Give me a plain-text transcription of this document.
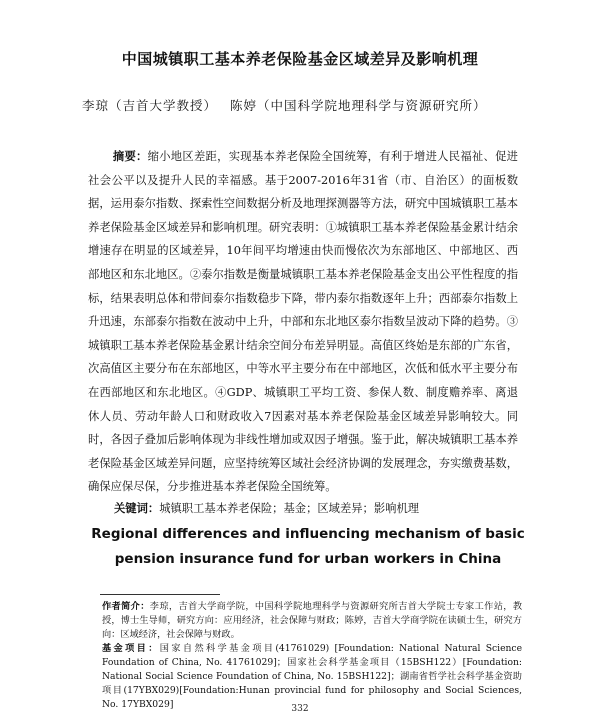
中国城镇职工基本养老保险基金区域差异及影响机理
李琼（吉首大学教授） 陈婷（中国科学院地理科学与资源研究所）
摘要：缩小地区差距，实现基本养老保险全国统筹，有利于增进人民福祉、促进社会公平以及提升人民的幸福感。基于2007-2016年31省（市、自治区）的面板数据，运用泰尔指数、探索性空间数据分析及地理探测器等方法，研究中国城镇职工基本养老保险基金区域差异和影响机理。研究表明：①城镇职工基本养老保险基金累计结余增速存在明显的区域差异，10年间平均增速由快而慢依次为东部地区、中部地区、西部地区和东北地区。②泰尔指数是衡量城镇职工基本养老保险基金支出公平性程度的指标，结果表明总体和带间泰尔指数稳步下降，带内泰尔指数逐年上升；西部泰尔指数上升迅速，东部泰尔指数在波动中上升，中部和东北地区泰尔指数呈波动下降的趋势。③城镇职工基本养老保险基金累计结余空间分布差异明显。高值区终始是东部的广东省，次高值区主要分布在东部地区，中等水平主要分布在中部地区，次低和低水平主要分布在西部地区和东北地区。④GDP、城镇职工平均工资、参保人数、制度赡养率、离退休人员、劳动年龄人口和财政收入7因素对基本养老保险基金区域差异影响较大。同时，各因子叠加后影响体现为非线性增加或双因子增强。鉴于此，解决城镇职工基本养老保险基金区域差异问题，应坚持统筹区域社会经济协调的发展理念，夯实缴费基数，确保应保尽保，分步推进基本养老保险全国统筹。
关键词：城镇职工基本养老保险；基金；区域差异；影响机理
Regional differences and influencing mechanism of basic pension insurance fund for urban workers in China
作者简介：李琼，吉首大学商学院，中国科学院地理科学与资源研究所吉首大学院士专家工作站，教授，博士生导师，研究方向：应用经济，社会保障与财政；陈婷，吉首大学商学院在读硕士生，研究方向：区域经济，社会保障与财政。
基金项目：国家自然科学基金项目(41761029) [Foundation: National Natural Science Foundation of China, No. 41761029]；国家社会科学基金项目（15BSH122）[Foundation: National Social Science Foundation of China, No. 15BSH122]；湖南省哲学社会科学基金资助项目(17YBX029)[Foundation:Hunan provincial fund for philosophy and Social Sciences, No. 17YBX029]	332
